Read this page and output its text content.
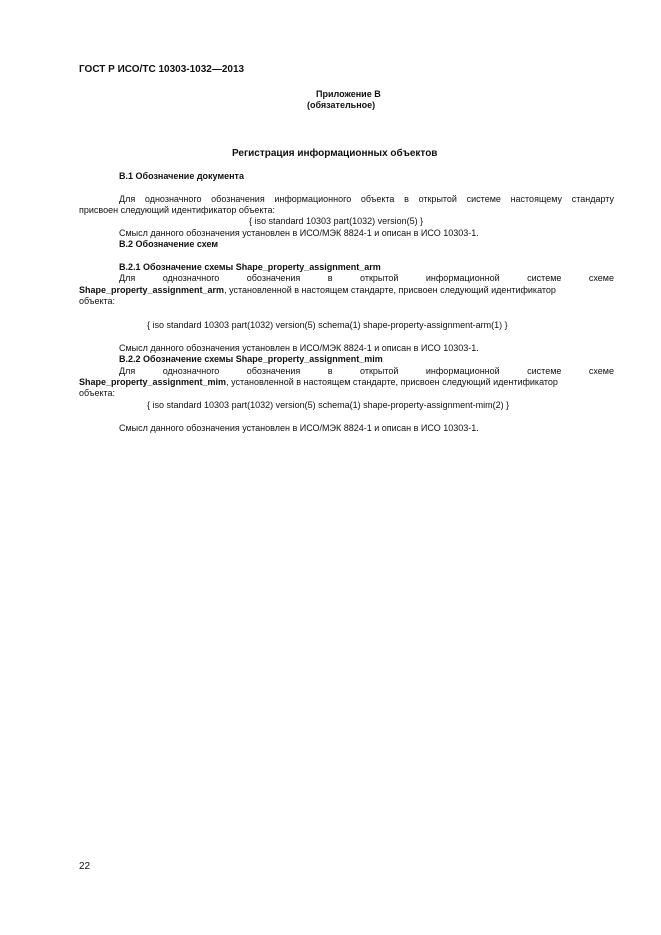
ГОСТ Р ИСО/ТС 10303-1032—2013
Приложение В
(обязательное)
Регистрация информационных объектов
В.1 Обозначение документа
Для однозначного обозначения информационного объекта в открытой системе настоящему стандарту
присвоен следующий идентификатор объекта:
{ iso standard 10303 part(1032) version(5) }
Смысл данного обозначения установлен в ИСО/МЭК 8824-1 и описан в ИСО 10303-1.
В.2 Обозначение схем
В.2.1 Обозначение схемы Shape_property_assignment_arm
Для	однозначного	обозначения	в	открытой	информационной	системе	схеме
Shape_property_assignment_arm, установленной в настоящем стандарте, присвоен следующий идентификатор
объекта:
{ iso standard 10303 part(1032) version(5) schema(1) shape-property-assignment-arm(1) }
Смысл данного обозначения установлен в ИСО/МЭК 8824-1 и описан в ИСО 10303-1.
В.2.2 Обозначение схемы Shape_property_assignment_mim
Для	однозначного	обозначения	в	открытой	информационной	системе	схеме
Shape_property_assignment_mim, установленной в настоящем стандарте, присвоен следующий идентификатор
объекта:
{ iso standard 10303 part(1032) version(5) schema(1) shape-property-assignment-mim(2) }
Смысл данного обозначения установлен в ИСО/МЭК 8824-1 и описан в ИСО 10303-1.
22
